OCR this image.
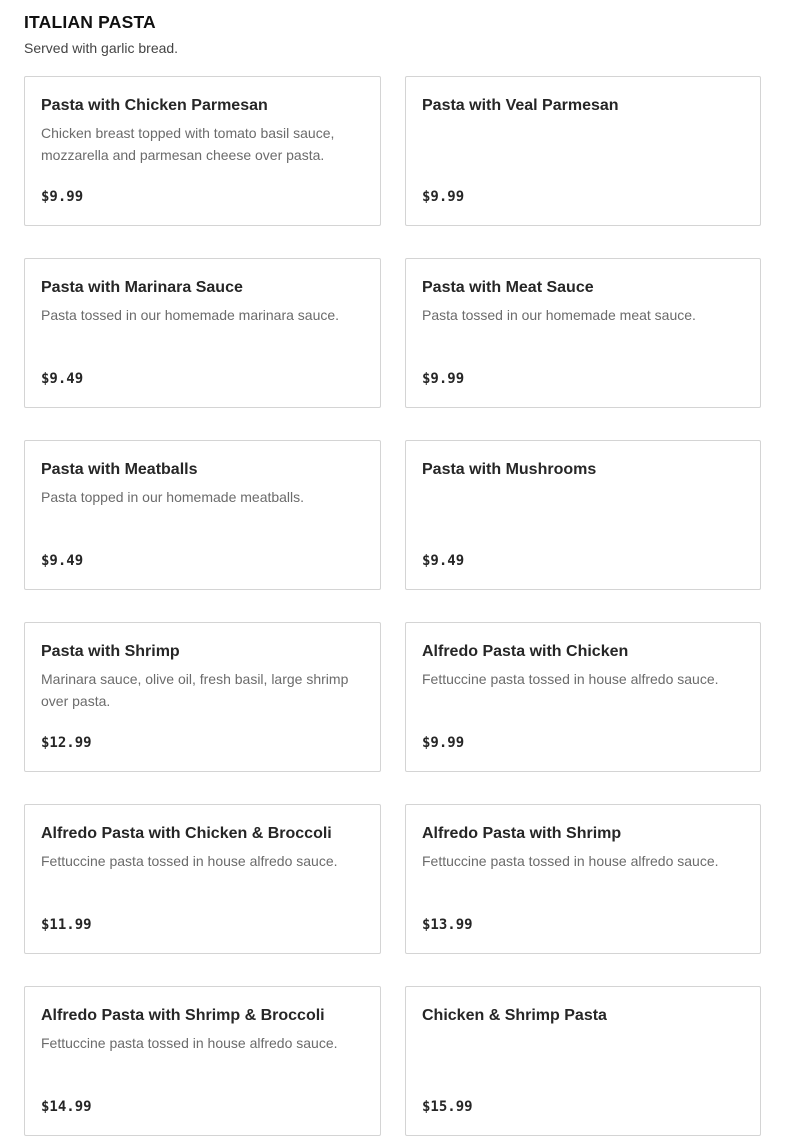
ITALIAN PASTA

Served with garlic bread.

Pasta with Chicken Parmesan

Chicken breast topped with tomato basil sauce, mozzarella and parmesan cheese over pasta.

$9.99

Pasta with Veal Parmesan

$9.99

Pasta with Marinara Sauce

Pasta tossed in our homemade marinara sauce.

$9.49

Pasta with Meat Sauce

Pasta tossed in our homemade meat sauce.

$9.99

Pasta with Meatballs

Pasta topped in our homemade meatballs.

$9.49

Pasta with Mushrooms

$9.49

Pasta with Shrimp

Marinara sauce, olive oil, fresh basil, large shrimp over pasta.

$12.99

Alfredo Pasta with Chicken

Fettuccine pasta tossed in house alfredo sauce.

$9.99

Alfredo Pasta with Chicken & Broccoli

Fettuccine pasta tossed in house alfredo sauce.

$11.99

Alfredo Pasta with Shrimp

Fettuccine pasta tossed in house alfredo sauce.

$13.99

Alfredo Pasta with Shrimp & Broccoli

Fettuccine pasta tossed in house alfredo sauce.

$14.99

Chicken & Shrimp Pasta

$15.99
